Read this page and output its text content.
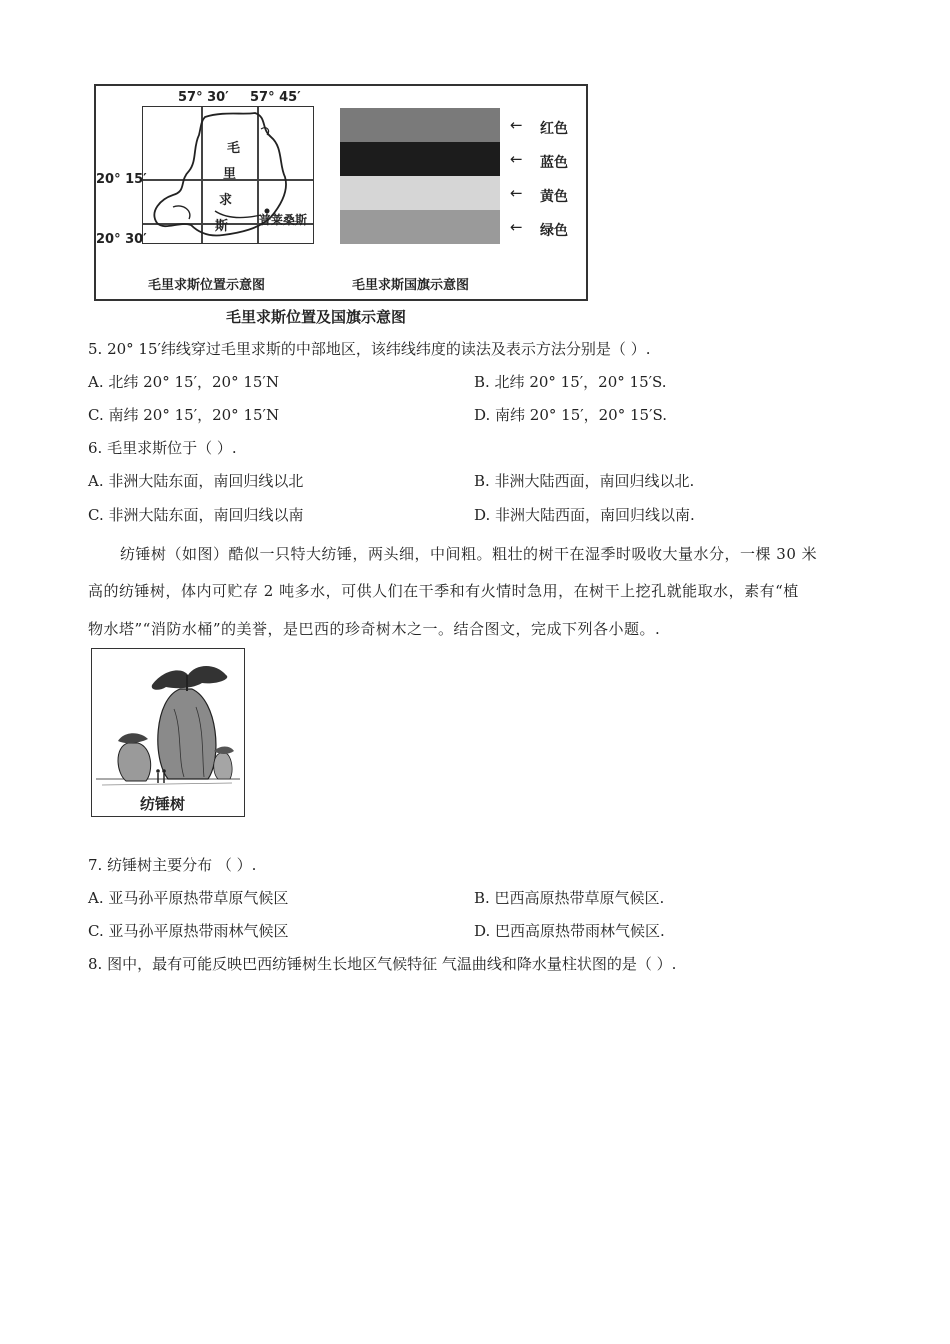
毛
里
求
斯	普莱桑斯
57° 30′ 57° 45′
20° 15′
20° 30′
毛里求斯位置示意图
← 红色
← 蓝色
← 黄色
← 绿色
毛里求斯国旗示意图
毛里求斯位置及国旗示意图
5. 20° 15′纬线穿过毛里求斯的中部地区，该纬线纬度的读法及表示方法分别是（ ）.
A. 北纬 20° 15′，20° 15′N	B. 北纬 20° 15′，20° 15′S.
C. 南纬 20° 15′，20° 15′N	D. 南纬 20° 15′，20° 15′S.
6. 毛里求斯位于（ ）.
A. 非洲大陆东面，南回归线以北	B. 非洲大陆西面，南回归线以北.
C. 非洲大陆东面，南回归线以南	D. 非洲大陆西面，南回归线以南.
纺锤树（如图）酷似一只特大纺锤，两头细，中间粗。粗壮的树干在湿季时吸收大量水分，一棵 30 米
高的纺锤树，体内可贮存 2 吨多水，可供人们在干季和有火情时急用，在树干上挖孔就能取水，素有“植
物水塔”“消防水桶”的美誉，是巴西的珍奇树木之一。结合图文，完成下列各小题。.
纺锤树
7. 纺锤树主要分布 （ ）.
A. 亚马孙平原热带草原气候区	B. 巴西高原热带草原气候区.
C. 亚马孙平原热带雨林气候区	D. 巴西高原热带雨林气候区.
8. 图中，最有可能反映巴西纺锤树生长地区气候特征 气温曲线和降水量柱状图的是（ ）.
